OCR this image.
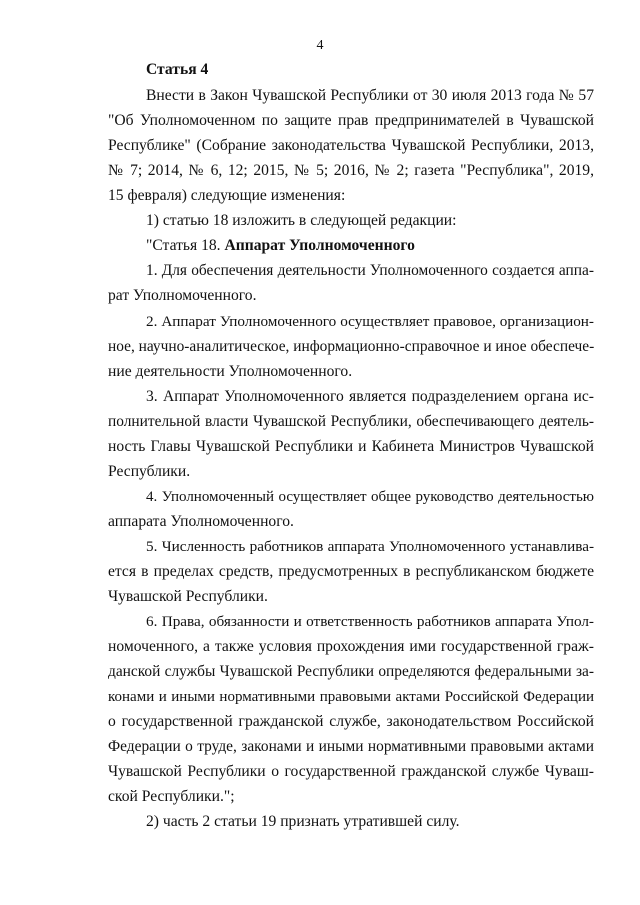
4
Статья 4
Внести в Закон Чувашской Республики от 30 июля 2013 года № 57
"Об Уполномоченном по защите прав предпринимателей в Чувашской
Республике" (Собрание законодательства Чувашской Республики, 2013,
№ 7; 2014, № 6, 12; 2015, № 5; 2016, № 2; газета "Республика", 2019,
15 февраля) следующие изменения:
1) статью 18 изложить в следующей редакции:
"Статья 18. Аппарат Уполномоченного
1. Для обеспечения деятельности Уполномоченного создается аппа-
рат Уполномоченного.
2. Аппарат Уполномоченного осуществляет правовое, организацион-
ное, научно-аналитическое, информационно-справочное и иное обеспече-
ние деятельности Уполномоченного.
3. Аппарат Уполномоченного является подразделением органа ис-
полнительной власти Чувашской Республики, обеспечивающего деятель-
ность Главы Чувашской Республики и Кабинета Министров Чувашской
Республики.
4. Уполномоченный осуществляет общее руководство деятельностью
аппарата Уполномоченного.
5. Численность работников аппарата Уполномоченного устанавлива-
ется в пределах средств, предусмотренных в республиканском бюджете
Чувашской Республики.
6. Права, обязанности и ответственность работников аппарата Упол-
номоченного, а также условия прохождения ими государственной граж-
данской службы Чувашской Республики определяются федеральными за-
конами и иными нормативными правовыми актами Российской Федерации
о государственной гражданской службе, законодательством Российской
Федерации о труде, законами и иными нормативными правовыми актами
Чувашской Республики о государственной гражданской службе Чуваш-
ской Республики.";
2) часть 2 статьи 19 признать утратившей силу.
